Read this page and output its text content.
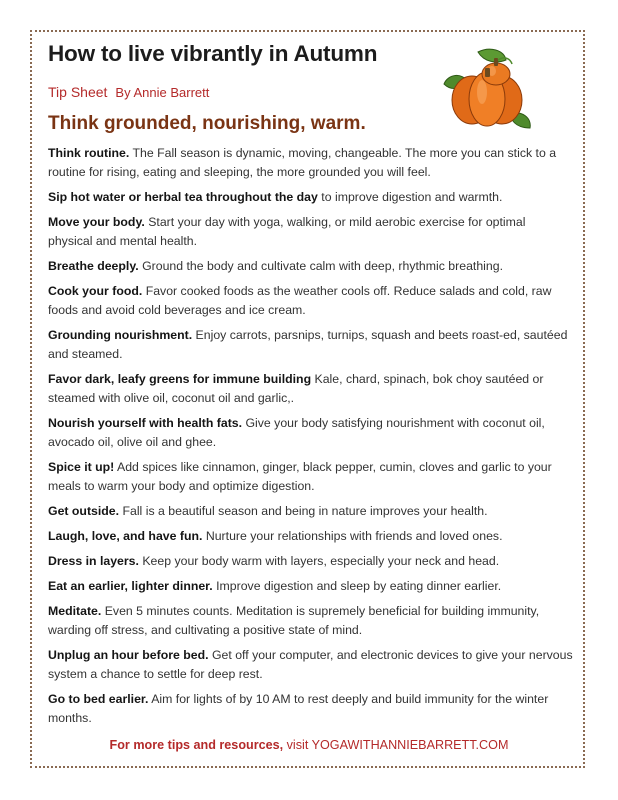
How to live vibrantly in Autumn
Tip Sheet By Annie Barrett
Think grounded, nourishing, warm.
Think routine. The Fall season is dynamic, moving, changeable. The more you can stick to a routine for rising, eating and sleeping, the more grounded you will feel.
Sip hot water or herbal tea throughout the day to improve digestion and warmth.
Move your body. Start your day with yoga, walking, or mild aerobic exercise for optimal physical and mental health.
Breathe deeply. Ground the body and cultivate calm with deep, rhythmic breathing.
Cook your food. Favor cooked foods as the weather cools off. Reduce salads and cold, raw foods and avoid cold beverages and ice cream.
Grounding nourishment. Enjoy carrots, parsnips, turnips, squash and beets roast-ed, sautéed and steamed.
Favor dark, leafy greens for immune building Kale, chard, spinach, bok choy sautéed or steamed with olive oil, coconut oil and garlic,.
Nourish yourself with health fats. Give your body satisfying nourishment with coconut oil, avocado oil, olive oil and ghee.
Spice it up! Add spices like cinnamon, ginger, black pepper, cumin, cloves and garlic to your meals to warm your body and optimize digestion.
Get outside. Fall is a beautiful season and being in nature improves your health.
Laugh, love, and have fun. Nurture your relationships with friends and loved ones.
Dress in layers. Keep your body warm with layers, especially your neck and head.
Eat an earlier, lighter dinner. Improve digestion and sleep by eating dinner earlier.
Meditate. Even 5 minutes counts. Meditation is supremely beneficial for building immunity, warding off stress, and cultivating a positive state of mind.
Unplug an hour before bed. Get off your computer, and electronic devices to give your nervous system a chance to settle for deep rest.
Go to bed earlier. Aim for lights of by 10 AM to rest deeply and build immunity for the winter months.
For more tips and resources, visit YOGAWITHANNIEBARRETT.COM
